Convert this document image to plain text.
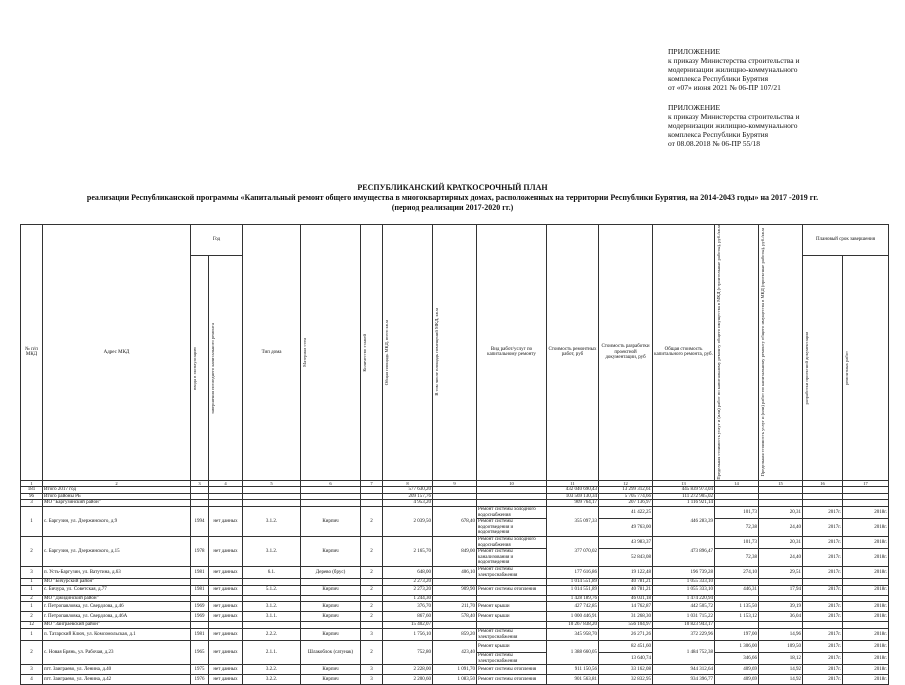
ПРИЛОЖЕНИЕ
к приказу Министерства строительства и
модернизации жилищно-коммунального
комплекса Республики Бурятия
от «07» июня 2021 № 06-ПР 107/21
ПРИЛОЖЕНИЕ
к приказу Министерства строительства и
модернизации жилищно-коммунального
комплекса Республики Бурятия
от 08.08.2018 № 06-ПР 55/18
РЕСПУБЛИКАНСКИЙ КРАТКОСРОЧНЫЙ ПЛАН
реализации Республиканской программы «Капитальный ремонт общего имущества в многоквартирных домах, расположенных на территории Республики Бурятия, на 2014-2043 годы» на 2017 -2019 гг.
(период реализации 2017-2020 гг.)
№ п/п МКД	Адрес МКД	Год		Тип дома	Материал стен	Количество этажей	Общая площадь МКД, всего кв.м	В том числе площадь помещений МКД, кв.м	Вид работ/услуг по капитальному ремонту	Стоимость ремонтных работ, руб	Стоимость разработки проектной документации, руб	Общая стоимость капитального ремонта, руб.	Предельная стоимость услуг и (или) работ по капитальному ремонту общего имущества в МКД (строительные работы), руб./кв.м	Предельная стоимость услуг и (или) работ по капитальному ремонту общего имущества в МКД (проектные работы), руб./кв.м	Плановый срок завершения	

		ввода в эксплуатацию	завершения последнего капитального ремонта												разработки проектной документации	ремонтных работ

1	2	3	4	5	6	7	8	9	10	11	12	13	14	15	16	17
181	Итого 2017 год						577 630,20			432 040 690,43	13 299 312,61	445 839 973,04				
96	Итого районы РБ						209 157,76			103 569 130,34	5 705 774,66	111 272 905,02				
3	МО "Баргузинский район"						4 953,20			909 764,17	207 136,97	1 116 921,14				
1	с. Баргузин, ул. Дзержинского, д.9	1994	нет данных	3.1.2.	Кирпич	2	2 039,50	678,40	Ремонт системы холодного водоснабжения	355 097,33	41 422,25	446 283,39	101,73	20,31	2017г.	2018г.
									Ремонт системы водоотведения и водоотведения		49 763,00		72,38	24,40	2017г.	2018г.
2	с. Баргузин, ул. Дзержинского, д.15	1978	нет данных	3.1.2.	Кирпич	2	2 165,70	849,00	Ремонт системы холодного водоснабжения	377 070,02	43 983,37	473 896,47	101,73	20,31	2017г.	2018г.
									Ремонт системы канализования и водоотведения		52 843,08		72,38	24,40	2017г.	2018г.
3	п. Усть-Баргузин, ул. Ватутина, д.63	1981	нет данных	6.1.	Дерево (брус)	2	648,00	406,10	Ремонт системы электроснабжения	177 616,86	19 122,48	196 739,28	274,10	29,51	2017г.	2018г.
1	МО "Бичурский район"						2 273,20			1 014 551,89	40 781,21	1 055 333,10				
1	с. Бичура, ул. Советская, д.77	1981	нет данных	5.1.2.	Кирпич	2	2 273,20	909,90	Ремонт системы отопления	1 014 551,89	40 781,21	1 055 333,10	446,31	17,94	2017г.	2018г.
2	МО "Джидинский район"						1 244,30			1 428 189,76	46 031,18	1 474 220,94				
1	г. Петропавловка, ул. Свердлова, д.46	1969	нет данных	3.1.2.	Кирпич	2	376,70	211,70	Ремонт крыши	427 742,85	14 762,87	442 505,72	1 135,50	39,19	2017г.	2018г.
2	г. Петропавловка, ул. Свердлова, д.46А	1969	нет данных	3.1.1.	Кирпич	2	867,60	578,40	Ремонт крыши	1 000 446,91	31 268,30	1 031 715,22	1 153,12	36,04	2017г.	2018г.
12	МО "Заиграевский район"						15 402,07			10 267 838,20	556 104,97	10 823 943,17				
1	п. Татарский Ключ, ул. Комсомольская, д.1	1981	нет данных	2.2.2.	Кирпич	3	1 756,10	859,20	Ремонт системы электроснабжения	345 958,70	26 271,26	372 229,96	197,00	14,96	2017г.	2018г.
2	с. Новая Брянь, ул. Рабочая, д.23	1965	нет данных	2.1.1.	Шлакоблок (сатунак)	2	752,80	423,40	Ремонт крыши	1 388 660,05	82 451,60	1 484 752,38	1 306,00	109,50	2017г.	2018г.
									Ремонт системы электроснабжения		13 640,74		346,66	18,12	2017г.	2018г.
3	пгт. Заиграево, ул. Ленина, д.40	1975	нет данных	3.2.2.	Кирпич	3	2 228,00	1 091,70	Ремонт системы отопления	911 150,56	33 162,08	944 312,64	409,69	14,92	2017г.	2018г.
4	пгт. Заиграево, ул. Ленина, д.42	1976	нет данных	3.2.2.	Кирпич	3	2 200,60	1 083,50	Ремонт системы отопления	901 563,81	32 832,95	934 396,77	409,69	14,92	2017г.	2018г.
